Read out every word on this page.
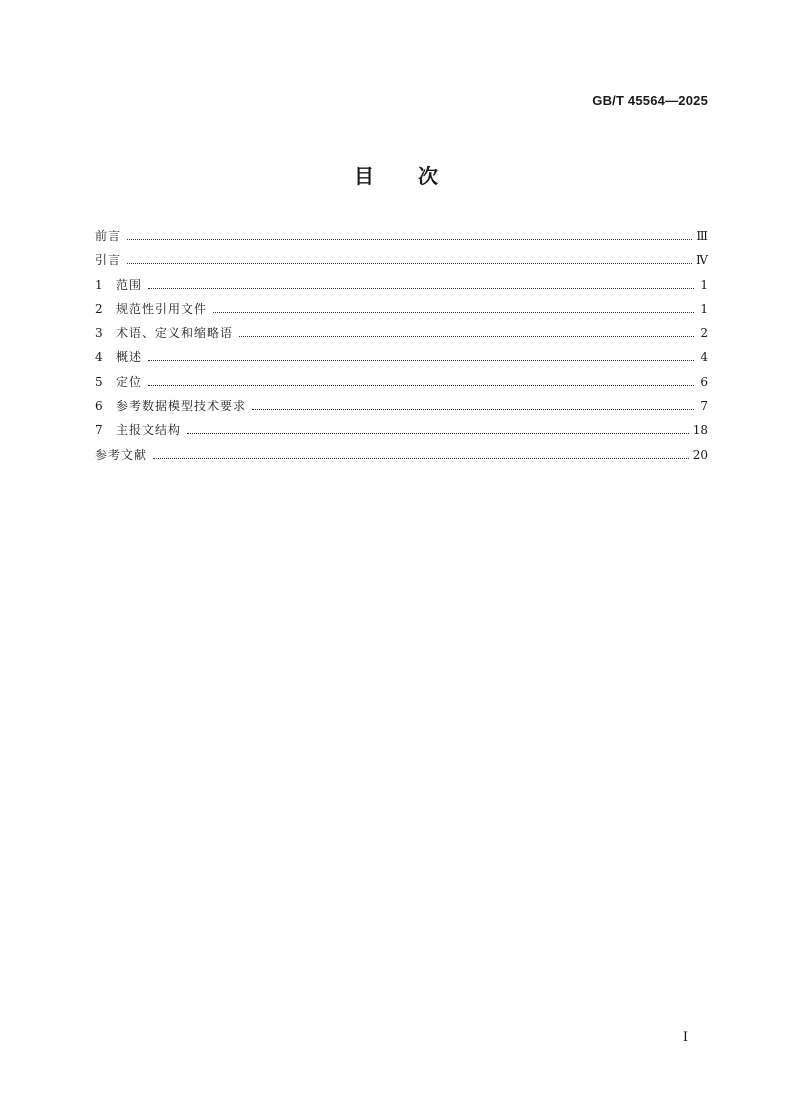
GB/T 45564—2025
目次
前言	Ⅲ
引言	Ⅳ
1	范围	1
2	规范性引用文件	1
3	术语、定义和缩略语	2
4	概述	4
5	定位	6
6	参考数据模型技术要求	7
7	主报文结构	18
参考文献	20
I
